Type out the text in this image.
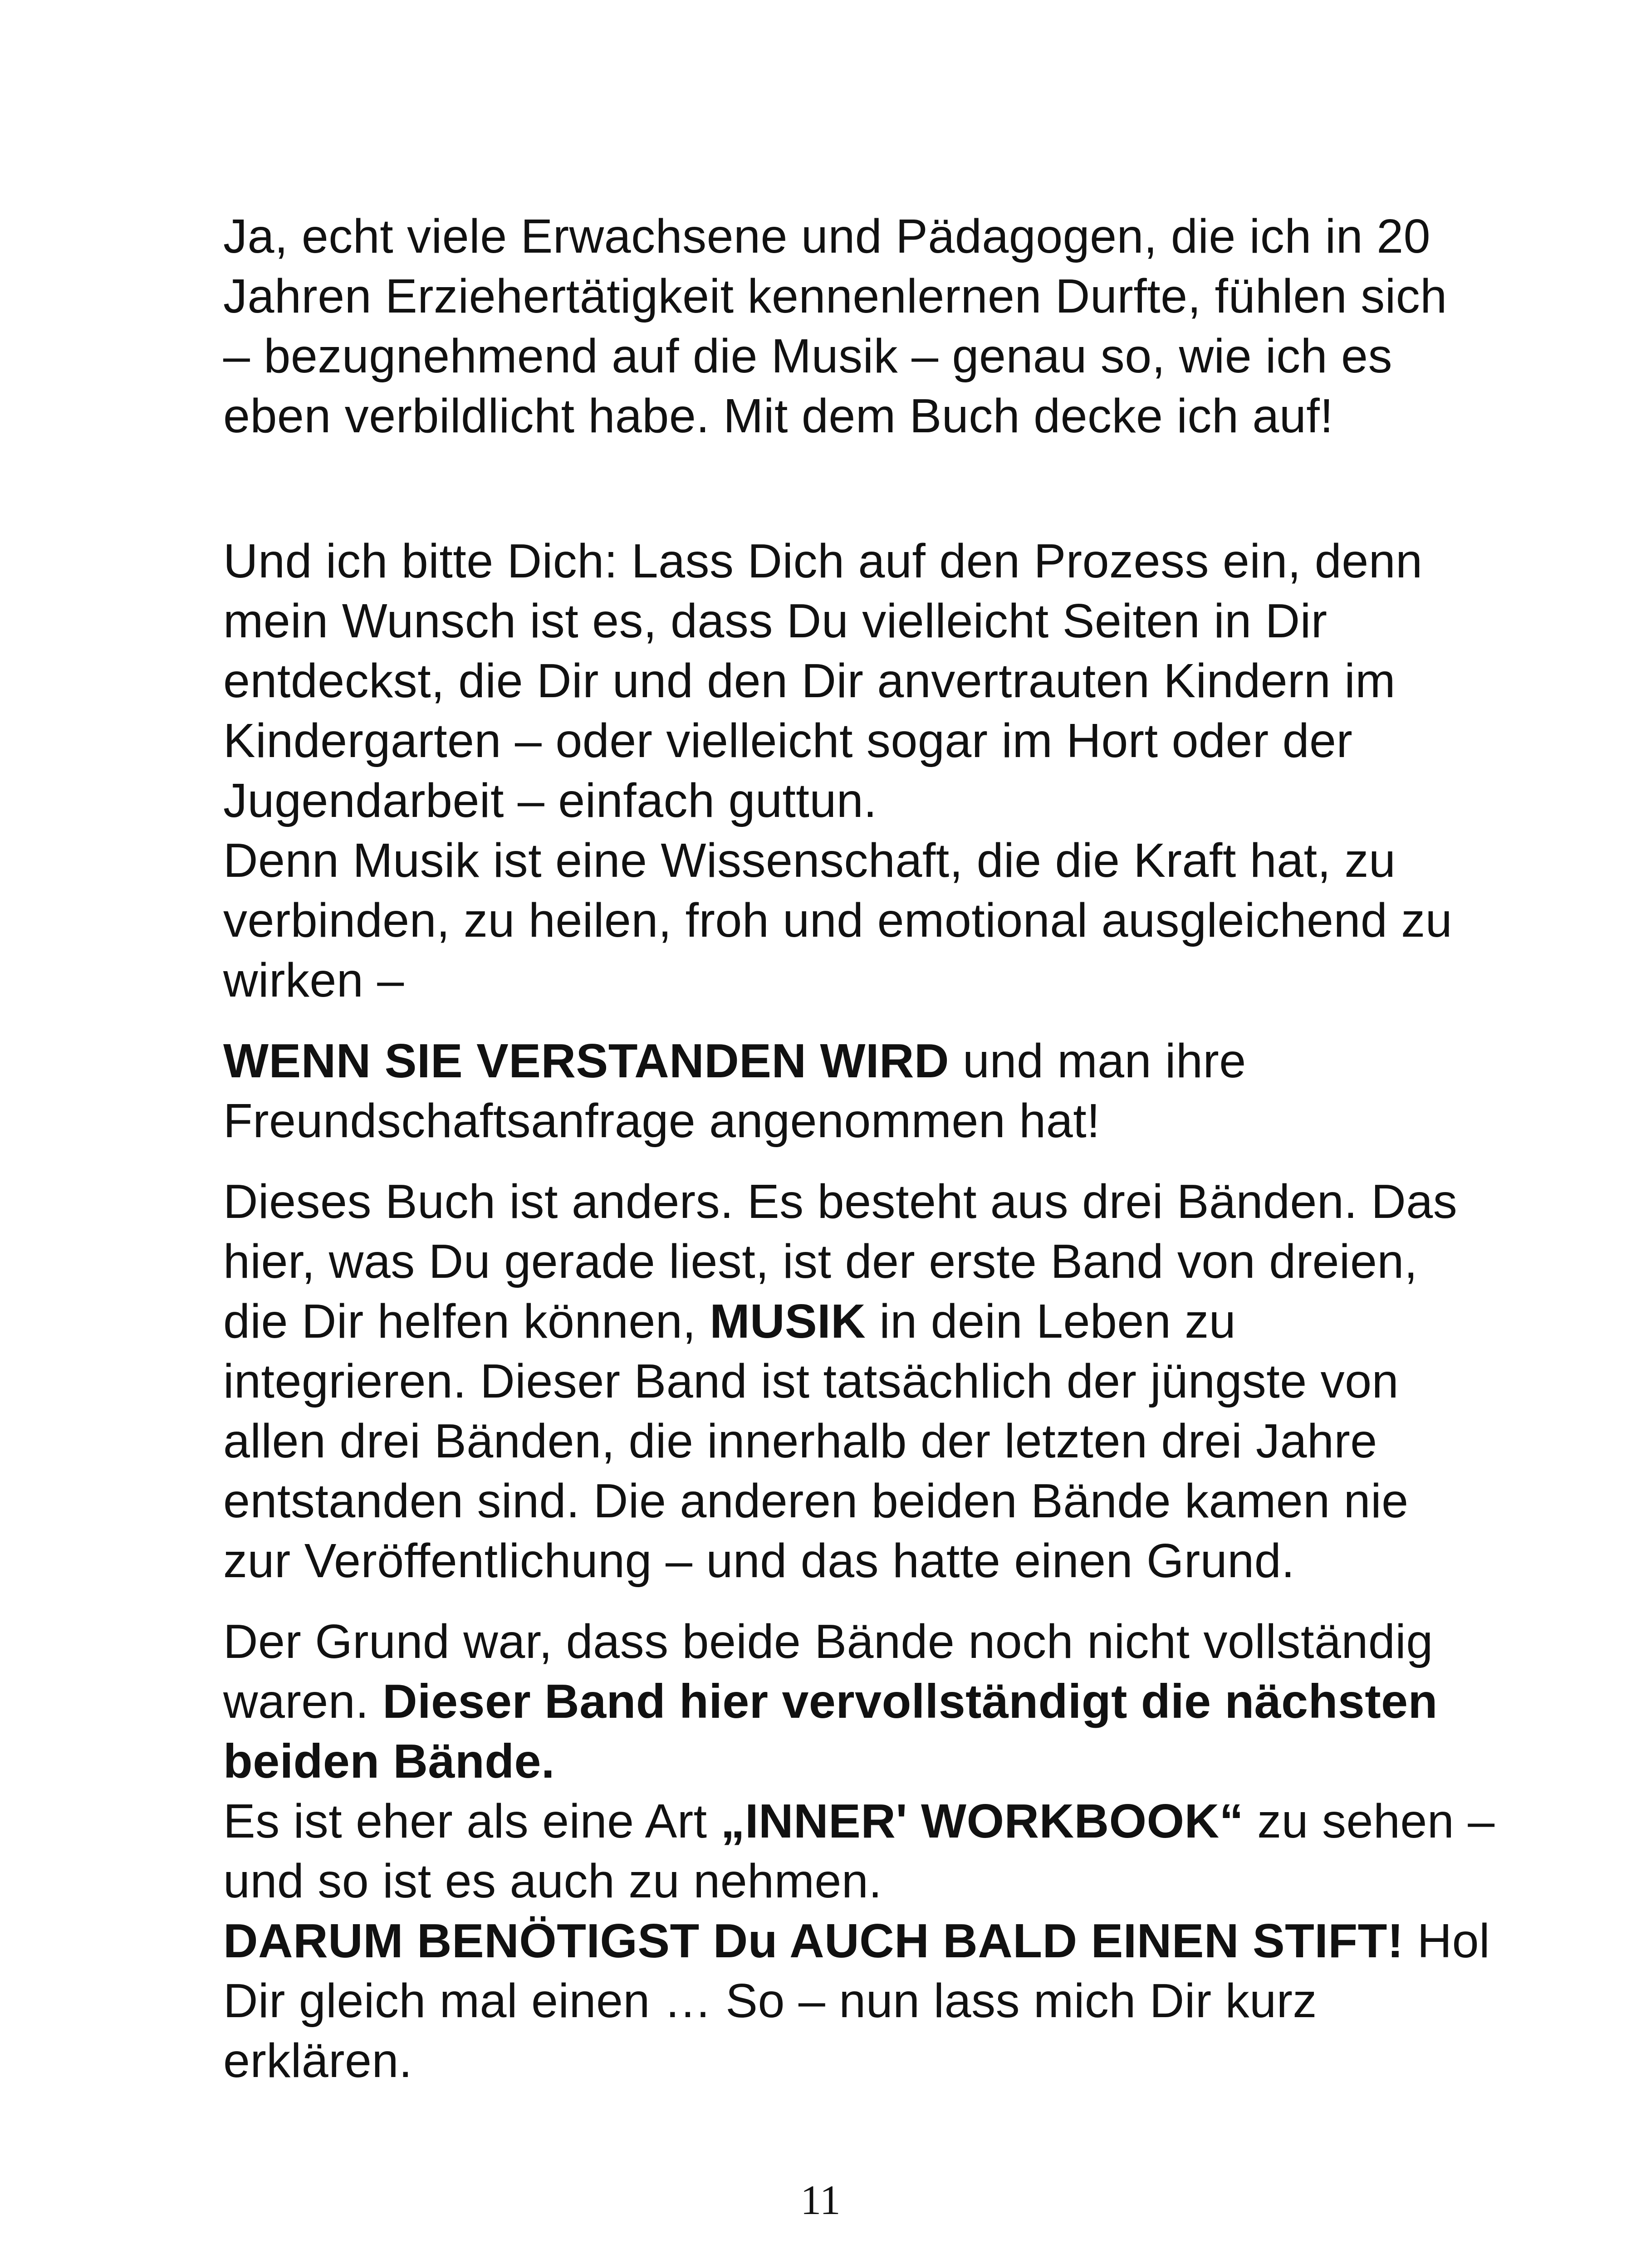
Ja, echt viele Erwachsene und Pädagogen, die ich in 20
Jahren Erziehertätigkeit kennenlernen Durfte, fühlen sich
– bezugnehmend auf die Musik – genau so, wie ich es
eben verbildlicht habe. Mit dem Buch decke ich auf!

Und ich bitte Dich: Lass Dich auf den Prozess ein, denn
mein Wunsch ist es, dass Du vielleicht Seiten in Dir
entdeckst, die Dir und den Dir anvertrauten Kindern im
Kindergarten – oder vielleicht sogar im Hort oder der
Jugendarbeit – einfach guttun.

Denn Musik ist eine Wissenschaft, die die Kraft hat, zu
verbinden, zu heilen, froh und emotional ausgleichend zu
wirken –

WENN SIE VERSTANDEN WIRD und man ihre
Freundschaftsanfrage angenommen hat!

Dieses Buch ist anders. Es besteht aus drei Bänden. Das
hier, was Du gerade liest, ist der erste Band von dreien,
die Dir helfen können, MUSIK in dein Leben zu
integrieren. Dieser Band ist tatsächlich der jüngste von
allen drei Bänden, die innerhalb der letzten drei Jahre
entstanden sind. Die anderen beiden Bände kamen nie
zur Veröffentlichung – und das hatte einen Grund.

Der Grund war, dass beide Bände noch nicht vollständig
waren. Dieser Band hier vervollständigt die nächsten
beiden Bände.

Es ist eher als eine Art „INNER' WORKBOOK“ zu sehen –
und so ist es auch zu nehmen.

DARUM BENÖTIGST Du AUCH BALD EINEN STIFT! Hol
Dir gleich mal einen … So – nun lass mich Dir kurz
erklären.

11
